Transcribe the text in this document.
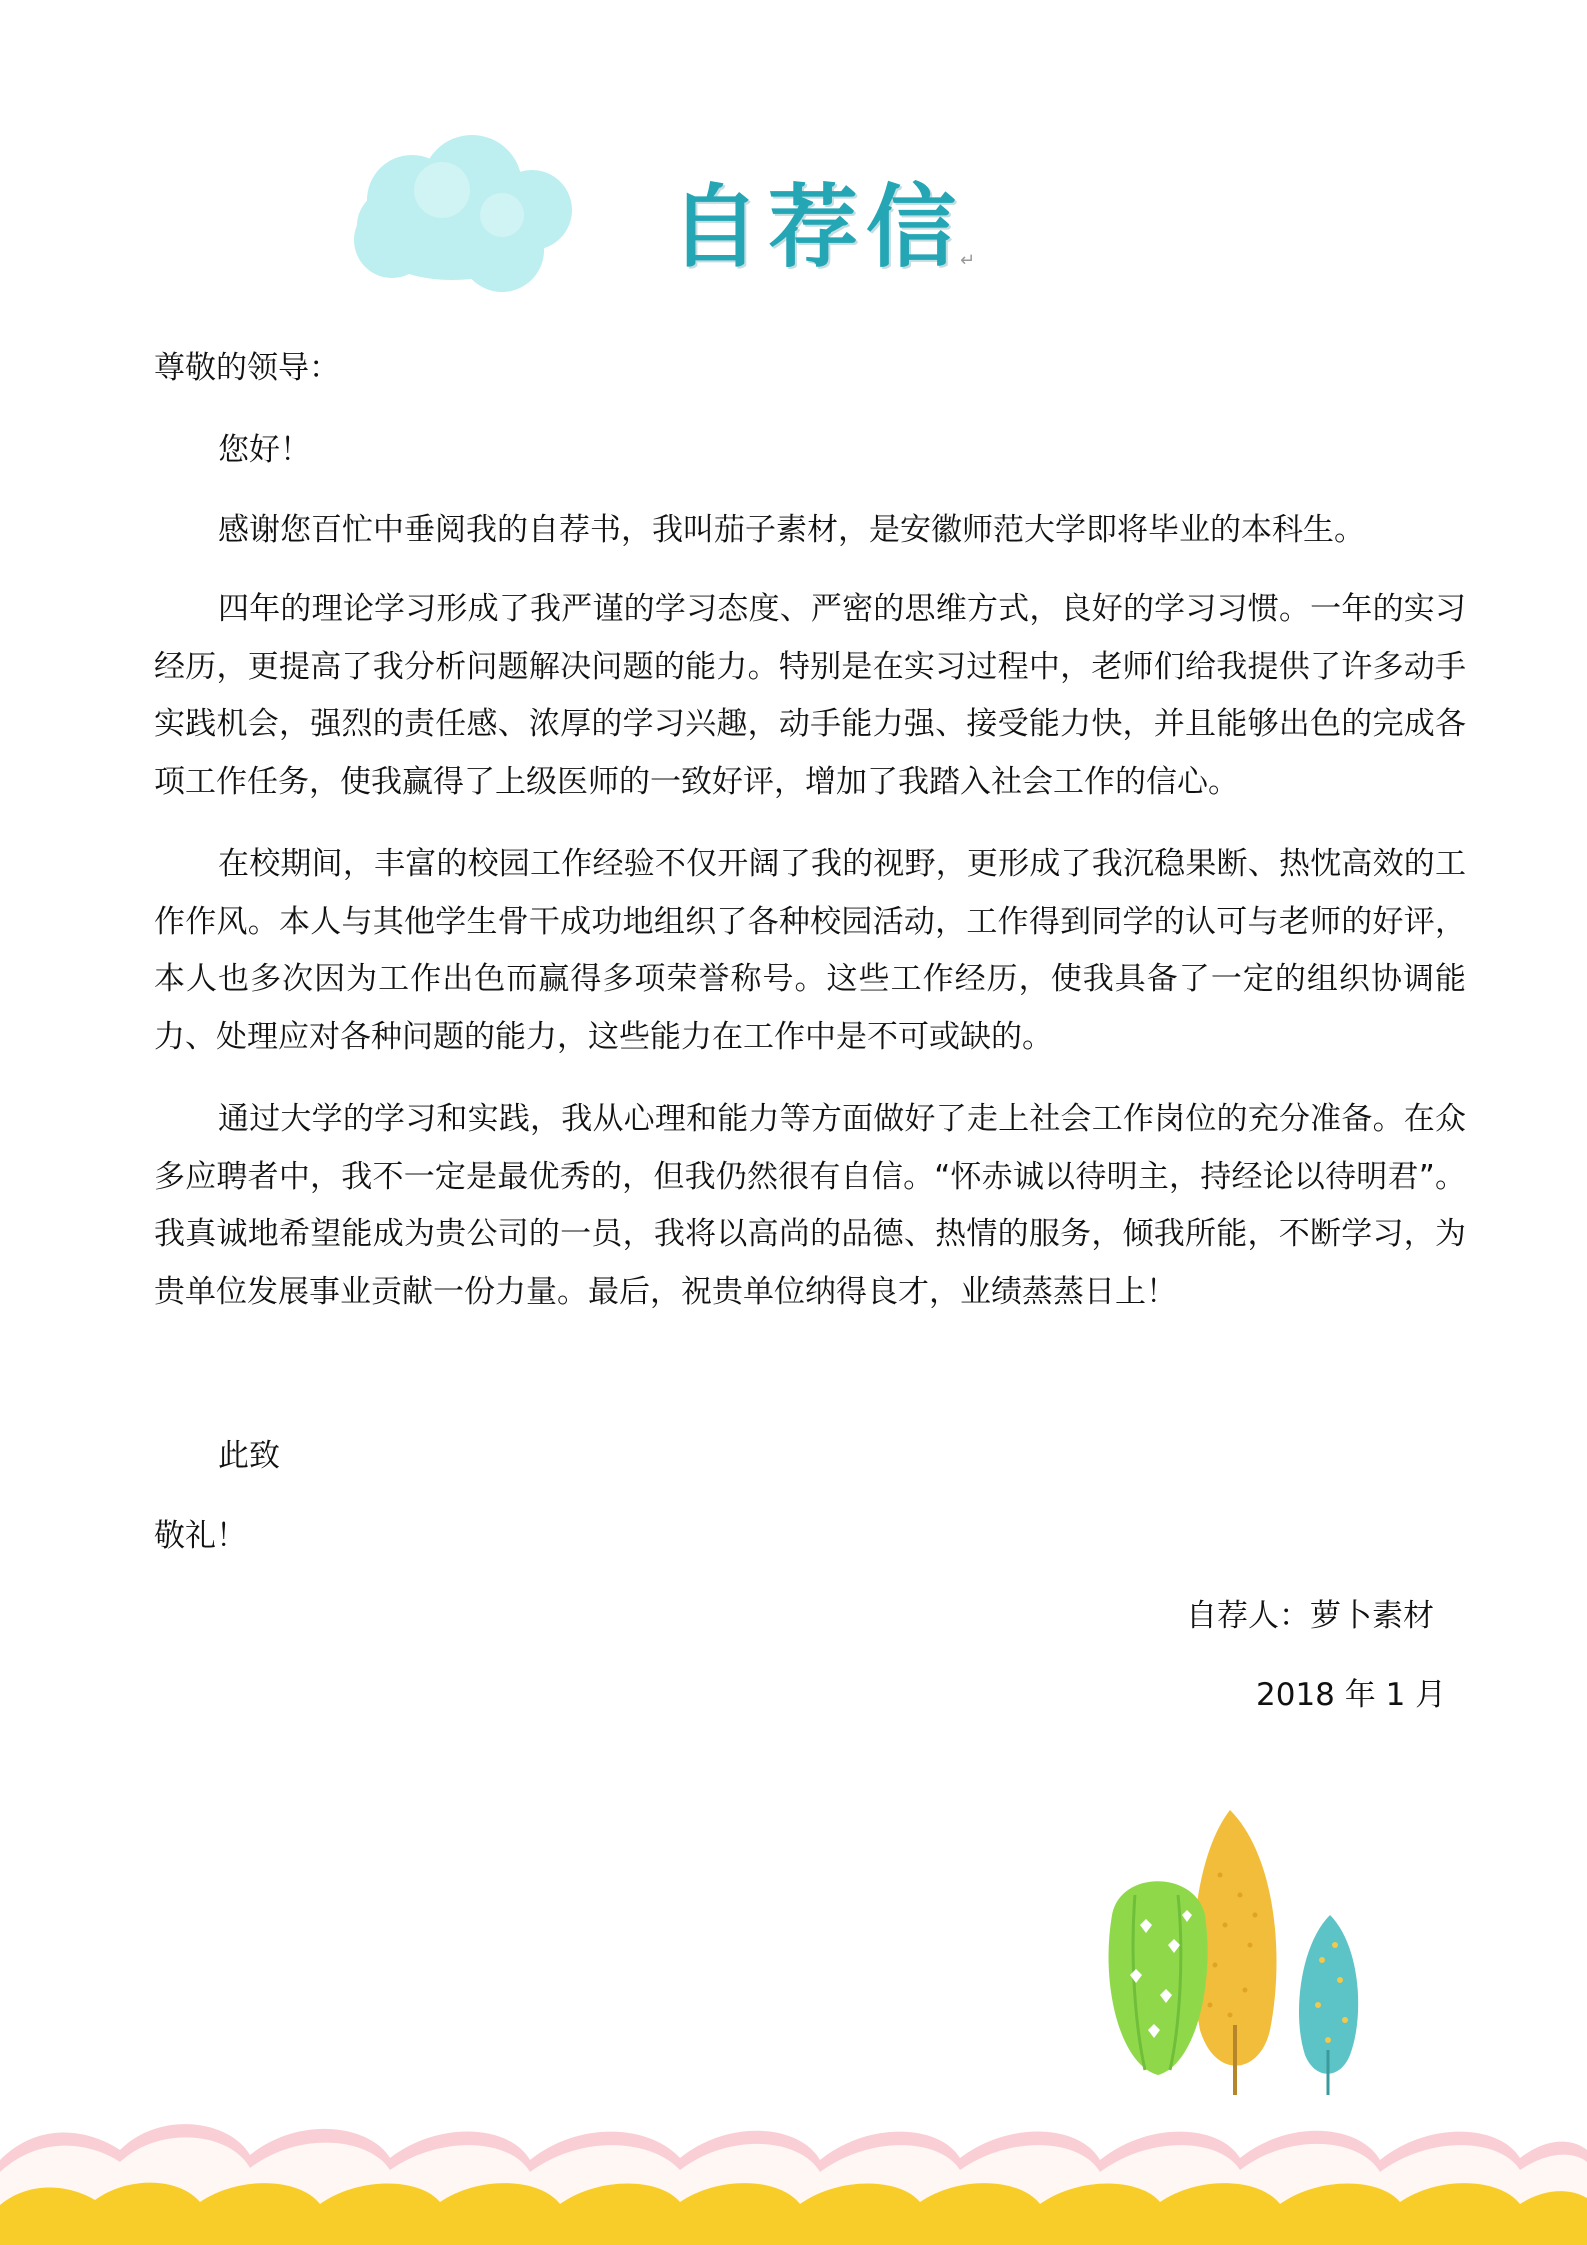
自荐信
↵
尊敬的领导：
您好！
感谢您百忙中垂阅我的自荐书，我叫茄子素材，是安徽师范大学即将毕业的本科生。
四年的理论学习形成了我严谨的学习态度、严密的思维方式，良好的学习习惯。一年的实习经历，更提高了我分析问题解决问题的能力。特别是在实习过程中，老师们给我提供了许多动手实践机会，强烈的责任感、浓厚的学习兴趣，动手能力强、接受能力快，并且能够出色的完成各项工作任务，使我赢得了上级医师的一致好评，增加了我踏入社会工作的信心。
在校期间，丰富的校园工作经验不仅开阔了我的视野，更形成了我沉稳果断、热忱高效的工作作风。本人与其他学生骨干成功地组织了各种校园活动，工作得到同学的认可与老师的好评，本人也多次因为工作出色而赢得多项荣誉称号。这些工作经历，使我具备了一定的组织协调能力、处理应对各种问题的能力，这些能力在工作中是不可或缺的。
通过大学的学习和实践，我从心理和能力等方面做好了走上社会工作岗位的充分准备。在众多应聘者中，我不一定是最优秀的，但我仍然很有自信。“怀赤诚以待明主，持经论以待明君”。我真诚地希望能成为贵公司的一员，我将以高尚的品德、热情的服务，倾我所能，不断学习，为贵单位发展事业贡献一份力量。最后，祝贵单位纳得良才，业绩蒸蒸日上！
此致
敬礼！
自荐人：萝卜素材
2018 年 1 月
